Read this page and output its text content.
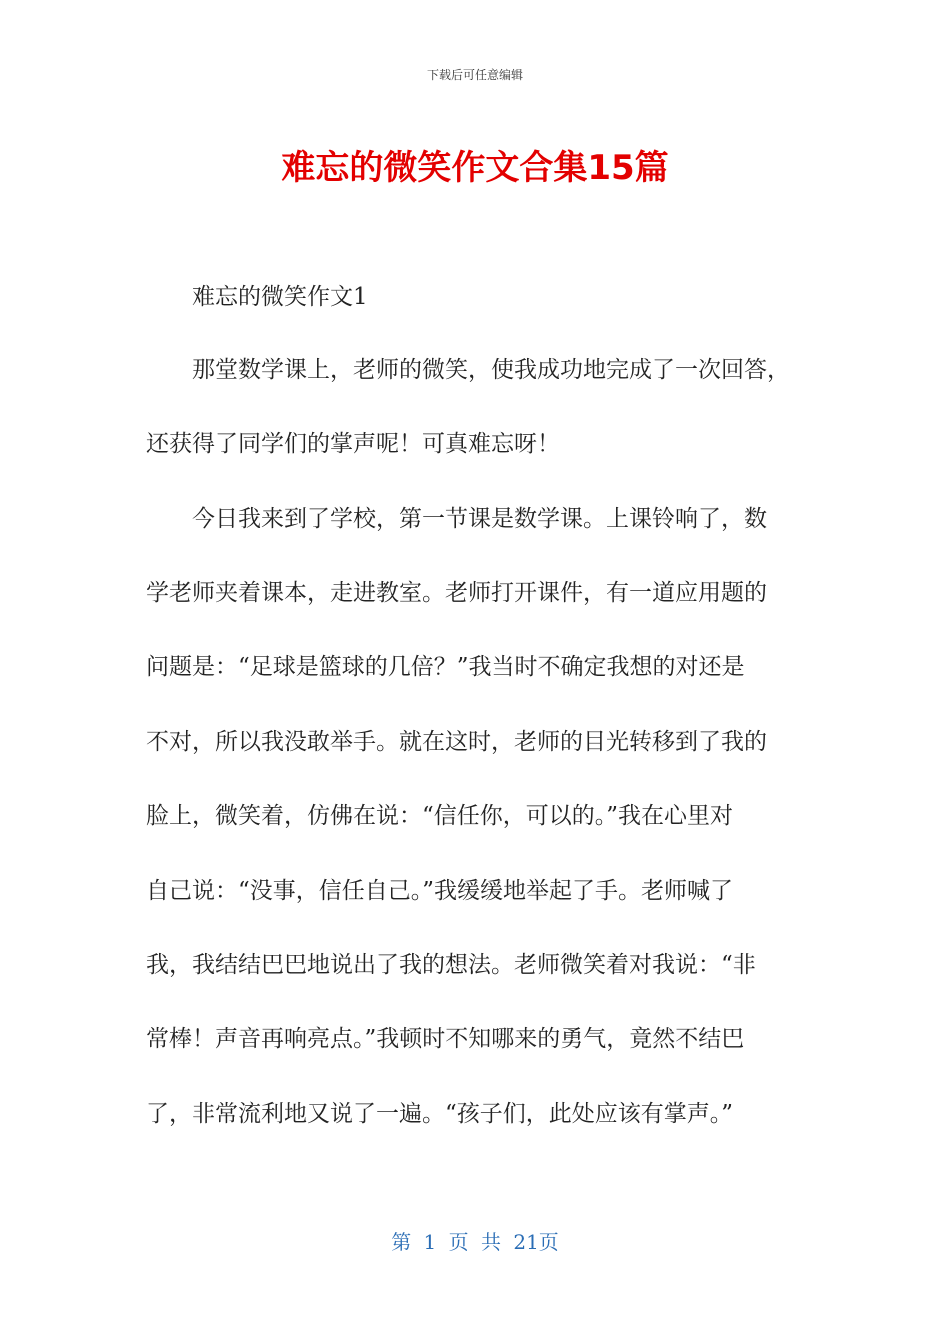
下载后可任意编辑
难忘的微笑作文合集15篇
难忘的微笑作文1
那堂数学课上，老师的微笑，使我成功地完成了一次回答，
还获得了同学们的掌声呢！可真难忘呀！
今日我来到了学校，第一节课是数学课。上课铃响了，数
学老师夹着课本，走进教室。老师打开课件，有一道应用题的
问题是：“足球是篮球的几倍？”我当时不确定我想的对还是
不对，所以我没敢举手。就在这时，老师的目光转移到了我的
脸上，微笑着，仿佛在说：“信任你，可以的。”我在心里对
自己说：“没事，信任自己。”我缓缓地举起了手。老师喊了
我，我结结巴巴地说出了我的想法。老师微笑着对我说：“非
常棒！声音再响亮点。”我顿时不知哪来的勇气，竟然不结巴
了，非常流利地又说了一遍。“孩子们，此处应该有掌声。”
第 1 页 共 21页
